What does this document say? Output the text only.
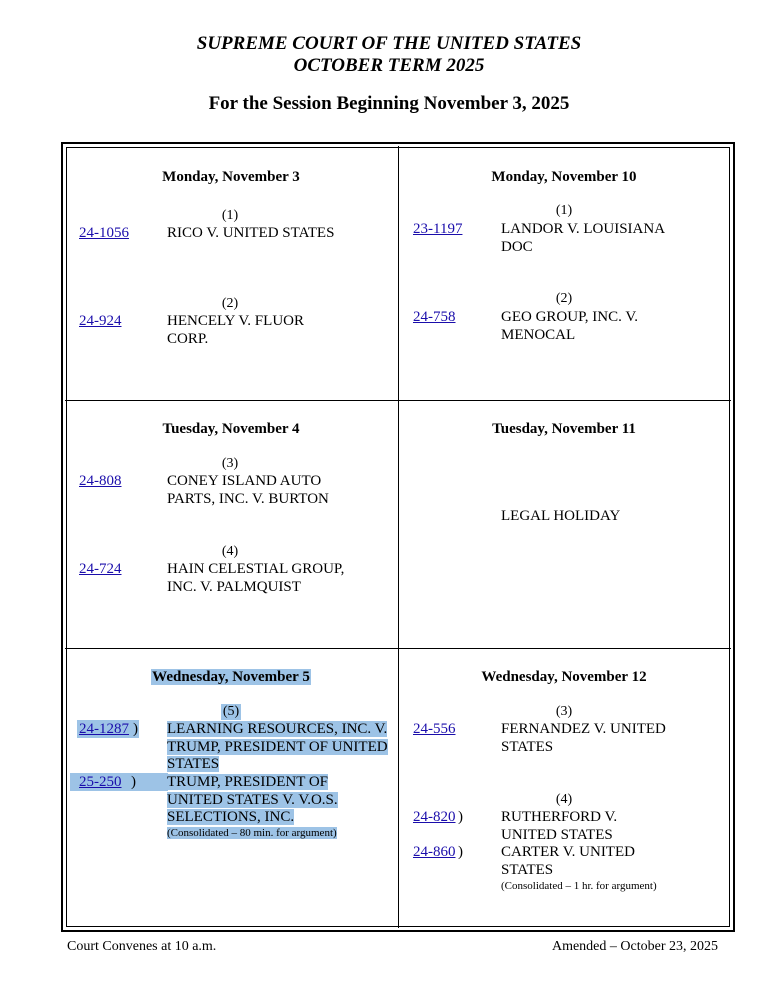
SUPREME COURT OF THE UNITED STATES
OCTOBER TERM 2025
For the Session Beginning November 3, 2025
Monday, November 3
(1)
24-1056	RICO V. UNITED STATES
(2)
24-924	HENCELY V. FLUOR CORP.
Monday, November 10
(1)
23-1197	LANDOR V. LOUISIANA DOC
(2)
24-758	GEO GROUP, INC. V. MENOCAL
Tuesday, November 4
(3)
24-808	CONEY ISLAND AUTO PARTS, INC. V. BURTON
(4)
24-724	HAIN CELESTIAL GROUP, INC. V. PALMQUIST
Tuesday, November 11
LEGAL HOLIDAY
Wednesday, November 5
(5)
24-1287 ) LEARNING RESOURCES, INC. V. TRUMP, PRESIDENT OF UNITED STATES
25-250 ) TRUMP, PRESIDENT OF UNITED STATES V. V.O.S. SELECTIONS, INC.
(Consolidated – 80 min. for argument)
Wednesday, November 12
(3)
24-556	FERNANDEZ V. UNITED STATES
(4)
24-820 )	RUTHERFORD V. UNITED STATES
24-860 )	CARTER V. UNITED STATES
(Consolidated – 1 hr. for argument)
Court Convenes at 10 a.m.	Amended – October 23, 2025
